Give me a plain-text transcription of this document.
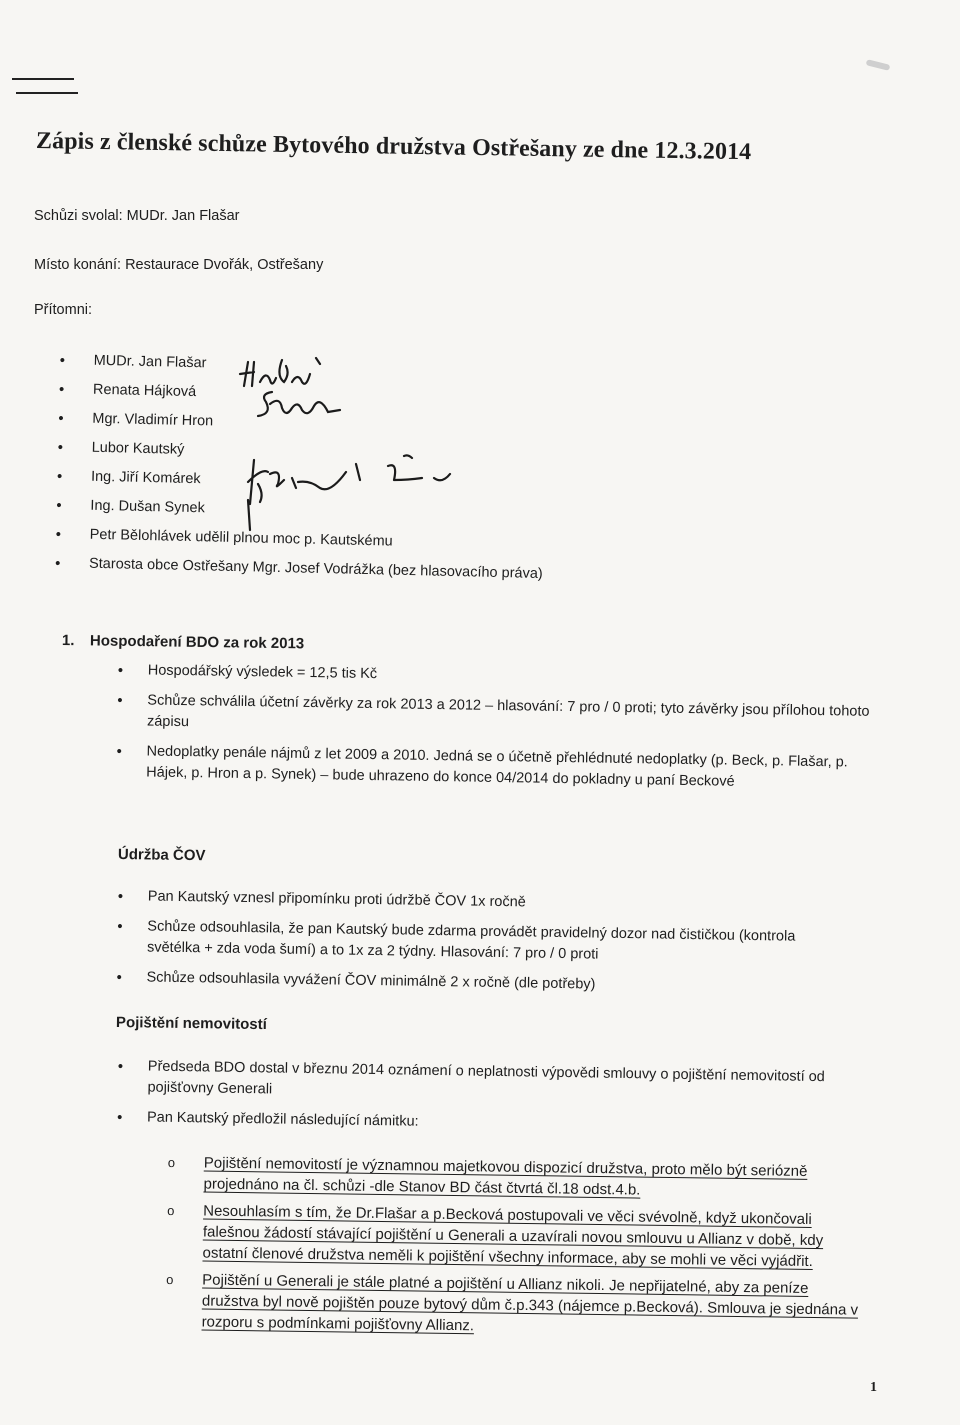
Zápis z členské schůze Bytového družstva Ostřešany ze dne 12.3.2014
Schůzi svolal: MUDr. Jan Flašar
Místo konání: Restaurace Dvořák, Ostřešany
Přítomni:
• MUDr. Jan Flašar
• Renata Hájková
• Mgr. Vladimír Hron
• Lubor Kautský
• Ing. Jiří Komárek
• Ing. Dušan Synek
• Petr Bělohlávek udělil plnou moc p. Kautskému
• Starosta obce Ostřešany Mgr. Josef Vodrážka (bez hlasovacího práva)
1. Hospodaření BDO za rok 2013
• Hospodářský výsledek = 12,5 tis Kč
• Schůze schválila účetní závěrky za rok 2013 a 2012 – hlasování: 7 pro / 0 proti; tyto závěrky jsou přílohou tohoto zápisu
• Nedoplatky penále nájmů z let 2009 a 2010. Jedná se o účetně přehlédnuté nedoplatky (p. Beck, p. Flašar, p. Hájek, p. Hron a p. Synek) – bude uhrazeno do konce 04/2014 do pokladny u paní Beckové
Údržba ČOV
• Pan Kautský vznesl připomínku proti údržbě ČOV 1x ročně
• Schůze odsouhlasila, že pan Kautský bude zdarma provádět pravidelný dozor nad čističkou (kontrola světélka + zda voda šumí) a to 1x za 2 týdny. Hlasování: 7 pro / 0 proti
• Schůze odsouhlasila vyvážení ČOV minimálně 2 x ročně (dle potřeby)
Pojištění nemovitostí
• Předseda BDO dostal v březnu 2014 oznámení o neplatnosti výpovědi smlouvy o pojištění nemovitostí od pojišťovny Generali
• Pan Kautský předložil následující námitku:
o Pojištění nemovitostí je významnou majetkovou dispozicí družstva, proto mělo být seriózně projednáno na čl. schůzi -dle Stanov BD část čtvrtá čl.18 odst.4.b.
o Nesouhlasím s tím, že Dr.Flašar a p.Becková postupovali ve věci svévolně, když ukončovali falešnou žádostí stávající pojištění u Generali a uzavírali novou smlouvu u Allianz v době, kdy ostatní členové družstva neměli k pojištění všechny informace, aby se mohli ve věci vyjádřit.
o Pojištění u Generali je stále platné a pojištění u Allianz nikoli. Je nepřijatelné, aby za peníze družstva byl nově pojištěn pouze bytový dům č.p.343 (nájemce p.Becková). Smlouva je sjednána v rozporu s podmínkami pojišťovny Allianz.
1
